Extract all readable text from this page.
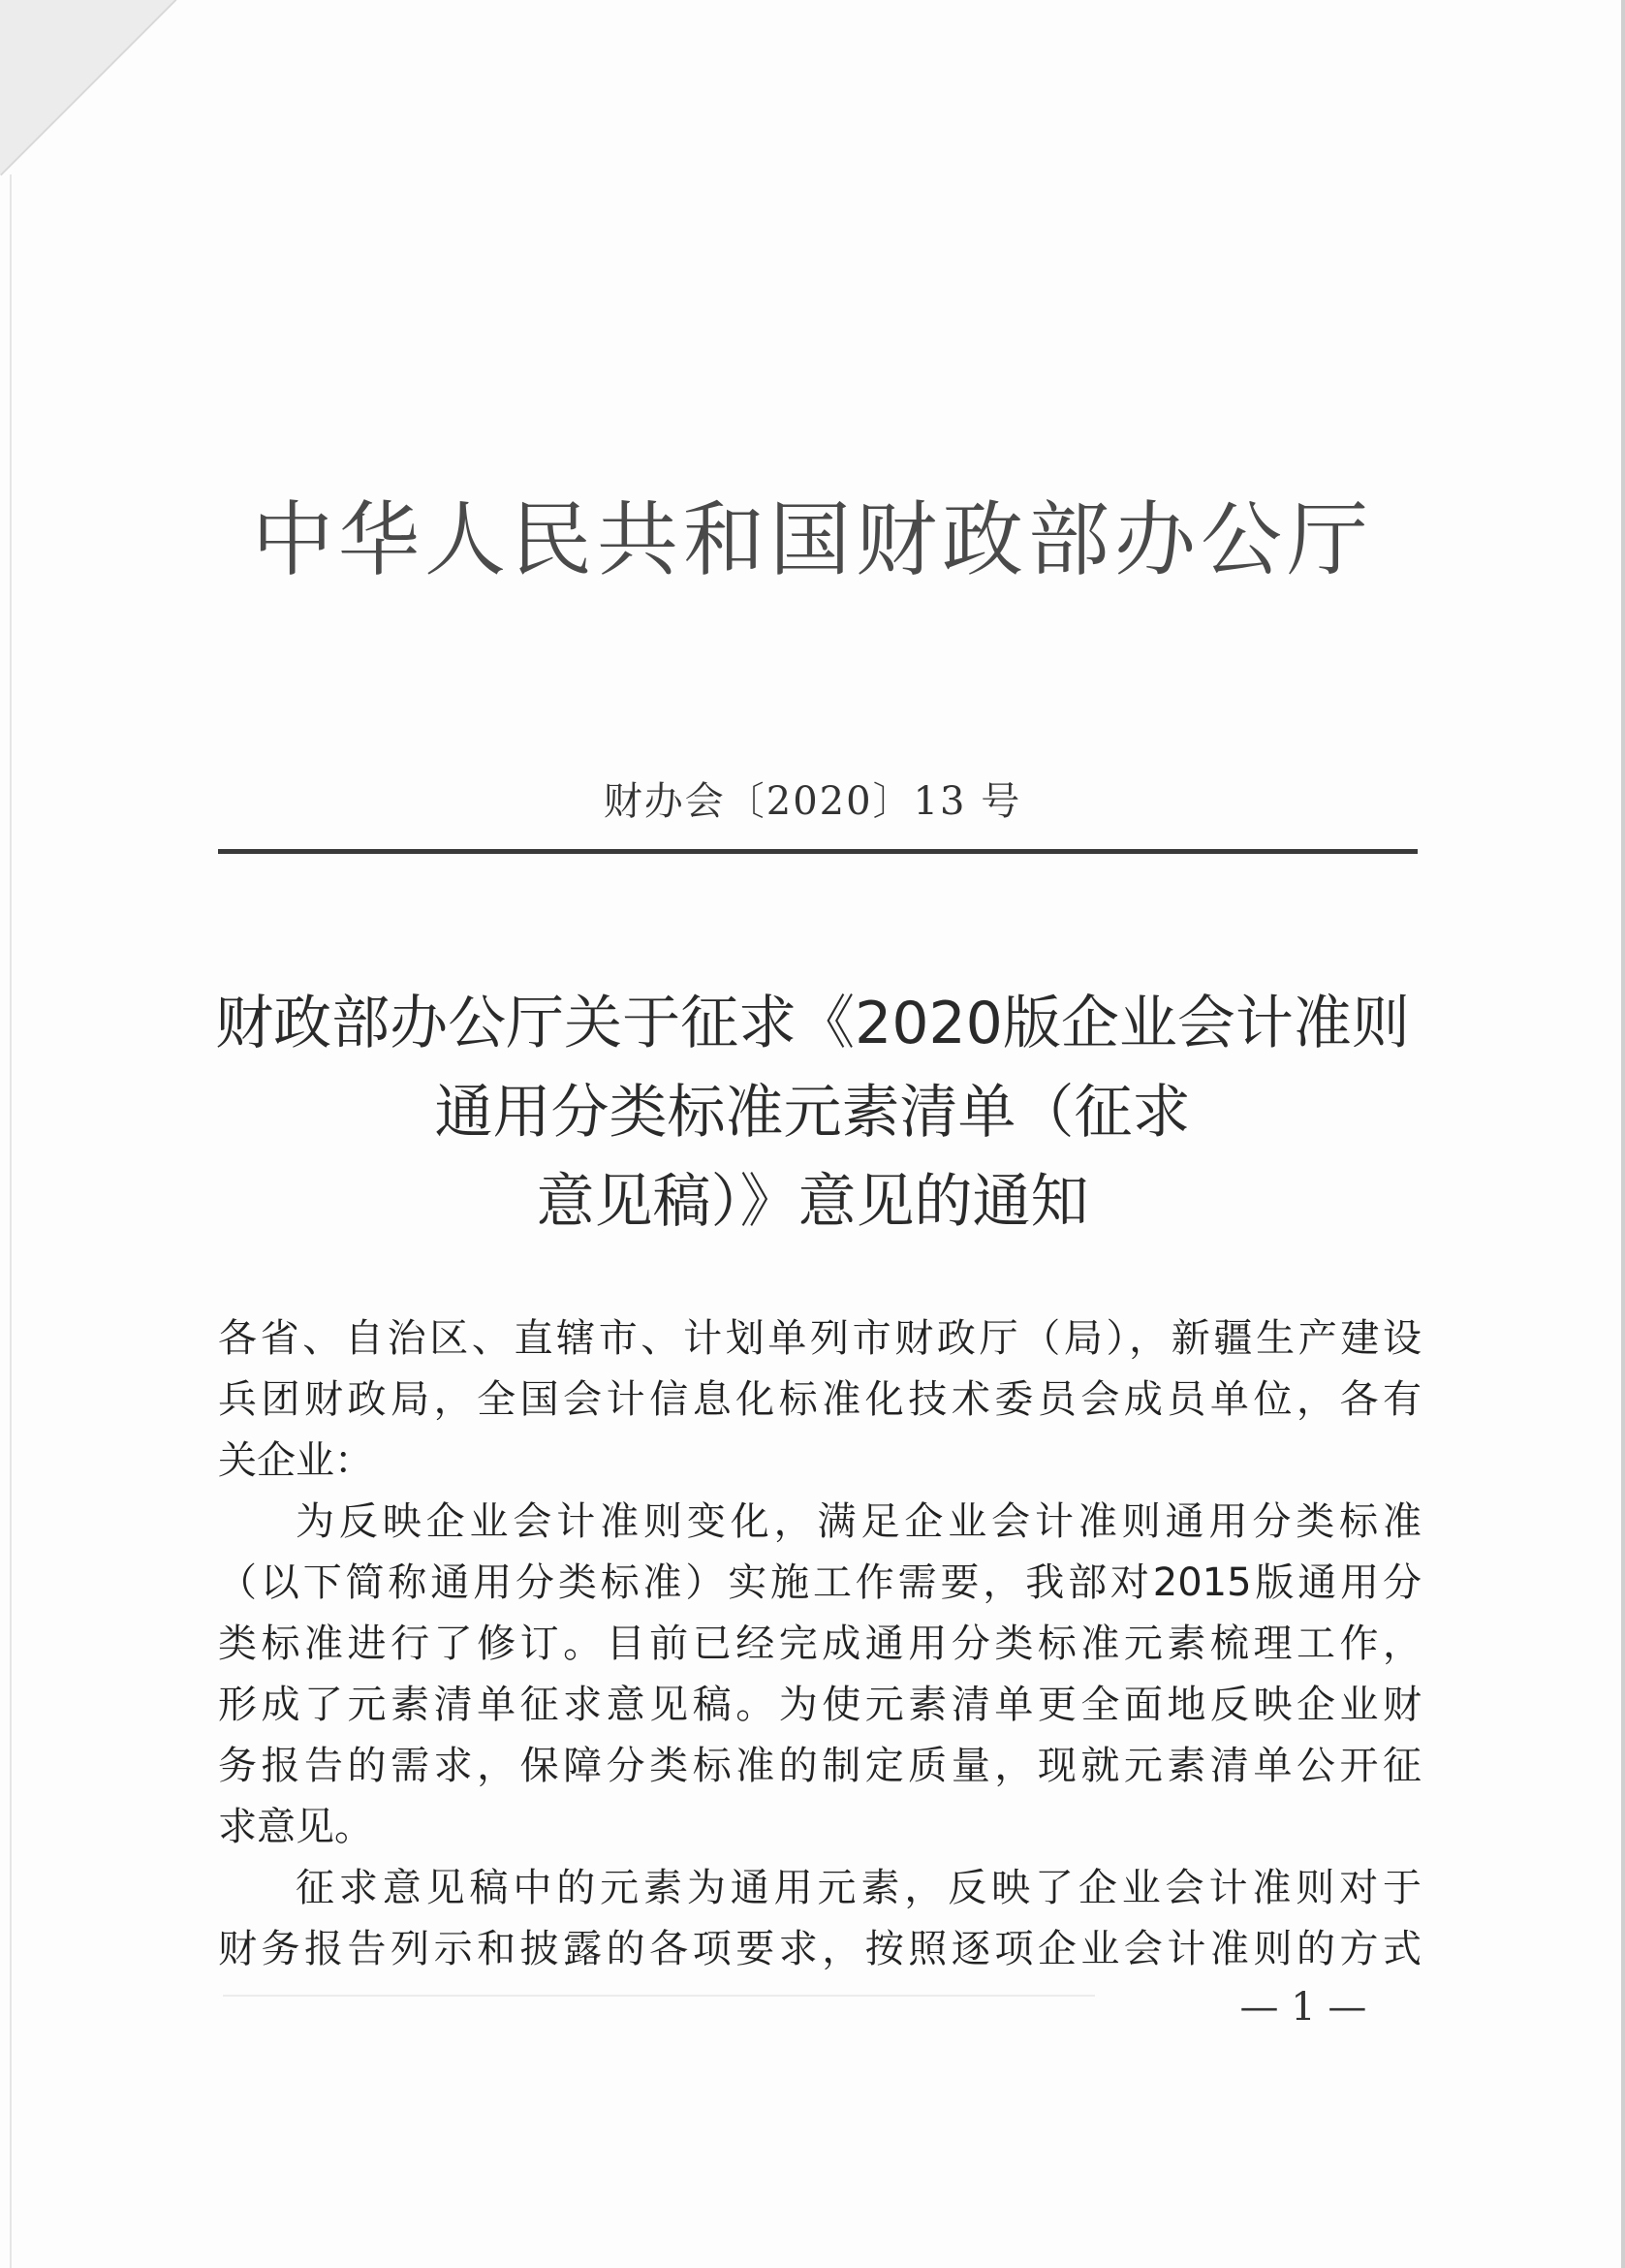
中华人民共和国财政部办公厅
财办会〔2020〕13 号
财政部办公厅关于征求《2020版企业会计准则
通用分类标准元素清单（征求
意见稿）》意见的通知
各省、自治区、直辖市、计划单列市财政厅（局），新疆生产建设
兵团财政局，全国会计信息化标准化技术委员会成员单位，各有
关企业：
为反映企业会计准则变化，满足企业会计准则通用分类标准
（以下简称通用分类标准）实施工作需要，我部对2015版通用分
类标准进行了修订。目前已经完成通用分类标准元素梳理工作，
形成了元素清单征求意见稿。为使元素清单更全面地反映企业财
务报告的需求，保障分类标准的制定质量，现就元素清单公开征
求意见。
征求意见稿中的元素为通用元素，反映了企业会计准则对于
财务报告列示和披露的各项要求，按照逐项企业会计准则的方式
— 1 —
